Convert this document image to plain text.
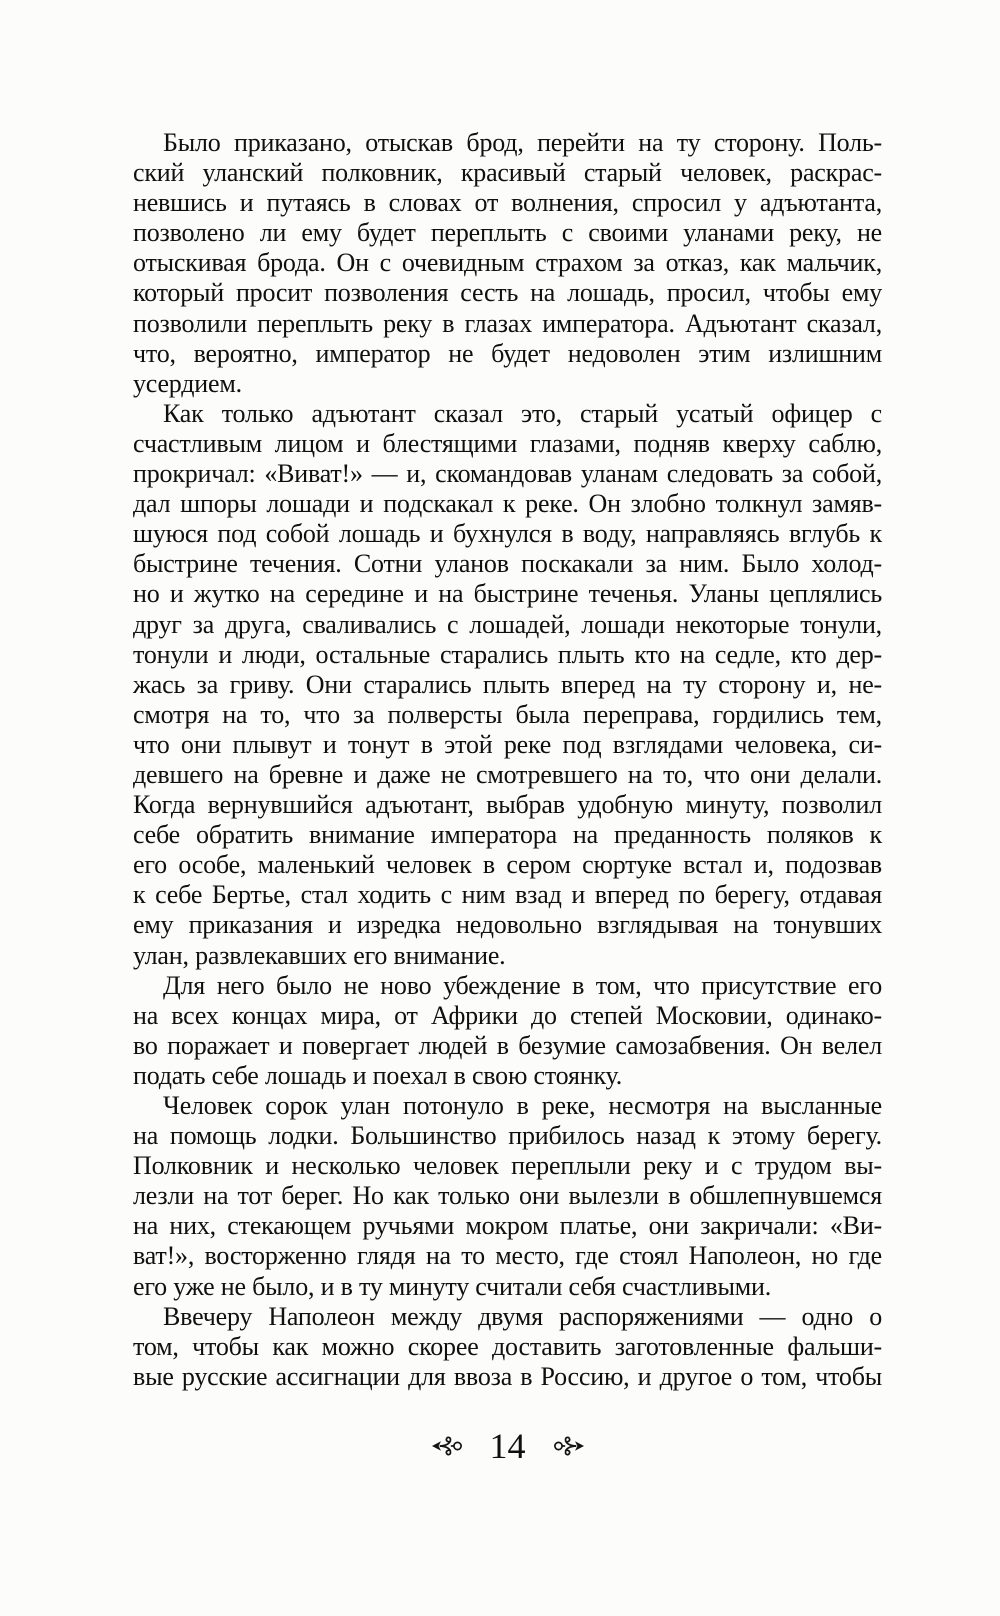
Было приказано, отыскав брод, перейти на ту сторону. Поль-
ский уланский полковник, красивый старый человек, раскрас-
невшись и путаясь в словах от волнения, спросил у адъютанта,
позволено ли ему будет переплыть с своими уланами реку, не
отыскивая брода. Он с очевидным страхом за отказ, как мальчик,
который просит позволения сесть на лошадь, просил, чтобы ему
позволили переплыть реку в глазах императора. Адъютант сказал,
что, вероятно, император не будет недоволен этим излишним
усердием.
Как только адъютант сказал это, старый усатый офицер с
счастливым лицом и блестящими глазами, подняв кверху саблю,
прокричал: «Виват!» — и, скомандовав уланам следовать за собой,
дал шпоры лошади и подскакал к реке. Он злобно толкнул замяв-
шуюся под собой лошадь и бухнулся в воду, направляясь вглубь к
быстрине течения. Сотни уланов поскакали за ним. Было холод-
но и жутко на середине и на быстрине теченья. Уланы цеплялись
друг за друга, сваливались с лошадей, лошади некоторые тонули,
тонули и люди, остальные старались плыть кто на седле, кто дер-
жась за гриву. Они старались плыть вперед на ту сторону и, не-
смотря на то, что за полверсты была переправа, гордились тем,
что они плывут и тонут в этой реке под взглядами человека, си-
девшего на бревне и даже не смотревшего на то, что они делали.
Когда вернувшийся адъютант, выбрав удобную минуту, позволил
себе обратить внимание императора на преданность поляков к
его особе, маленький человек в сером сюртуке встал и, подозвав
к себе Бертье, стал ходить с ним взад и вперед по берегу, отдавая
ему приказания и изредка недовольно взглядывая на тонувших
улан, развлекавших его внимание.
Для него было не ново убеждение в том, что присутствие его
на всех концах мира, от Африки до степей Московии, одинако-
во поражает и повергает людей в безумие самозабвения. Он велел
подать себе лошадь и поехал в свою стоянку.
Человек сорок улан потонуло в реке, несмотря на высланные
на помощь лодки. Большинство прибилось назад к этому берегу.
Полковник и несколько человек переплыли реку и с трудом вы-
лезли на тот берег. Но как только они вылезли в обшлепнувшемся
на них, стекающем ручьями мокром платье, они закричали: «Ви-
ват!», восторженно глядя на то место, где стоял Наполеон, но где
его уже не было, и в ту минуту считали себя счастливыми.
Ввечеру Наполеон между двумя распоряжениями — одно о
том, чтобы как можно скорее доставить заготовленные фальши-
вые русские ассигнации для ввоза в Россию, и другое о том, чтобы
14
